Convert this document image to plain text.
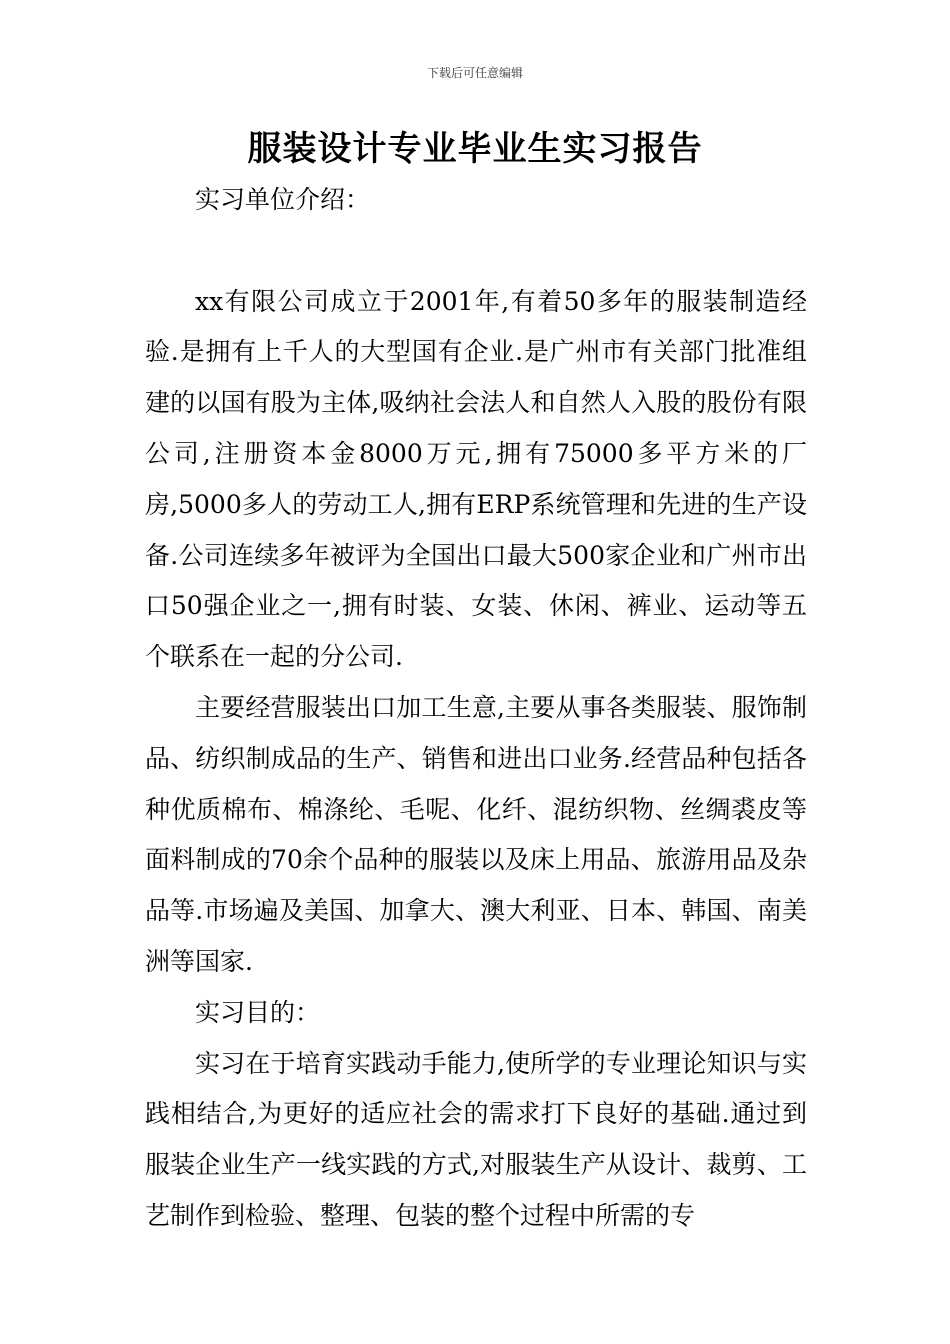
下载后可任意编辑
服装设计专业毕业生实习报告

实习单位介绍：

xx有限公司成立于2001年,有着50多年的服装制造经验.是拥有上千人的大型国有企业.是广州市有关部门批准组建的以国有股为主体,吸纳社会法人和自然人入股的股份有限公司,注册资本金8000万元,拥有75000多平方米的厂房,5000多人的劳动工人,拥有ERP系统管理和先进的生产设备.公司连续多年被评为全国出口最大500家企业和广州市出口50强企业之一,拥有时装、女装、休闲、裤业、运动等五个联系在一起的分公司.

主要经营服装出口加工生意,主要从事各类服装、服饰制品、纺织制成品的生产、销售和进出口业务.经营品种包括各种优质棉布、棉涤纶、毛呢、化纤、混纺织物、丝绸裘皮等面料制成的70余个品种的服装以及床上用品、旅游用品及杂品等.市场遍及美国、加拿大、澳大利亚、日本、韩国、南美洲等国家.

实习目的：

实习在于培育实践动手能力,使所学的专业理论知识与实践相结合,为更好的适应社会的需求打下良好的基础.通过到服装企业生产一线实践的方式,对服装生产从设计、裁剪、工艺制作到检验、整理、包装的整个过程中所需的专
